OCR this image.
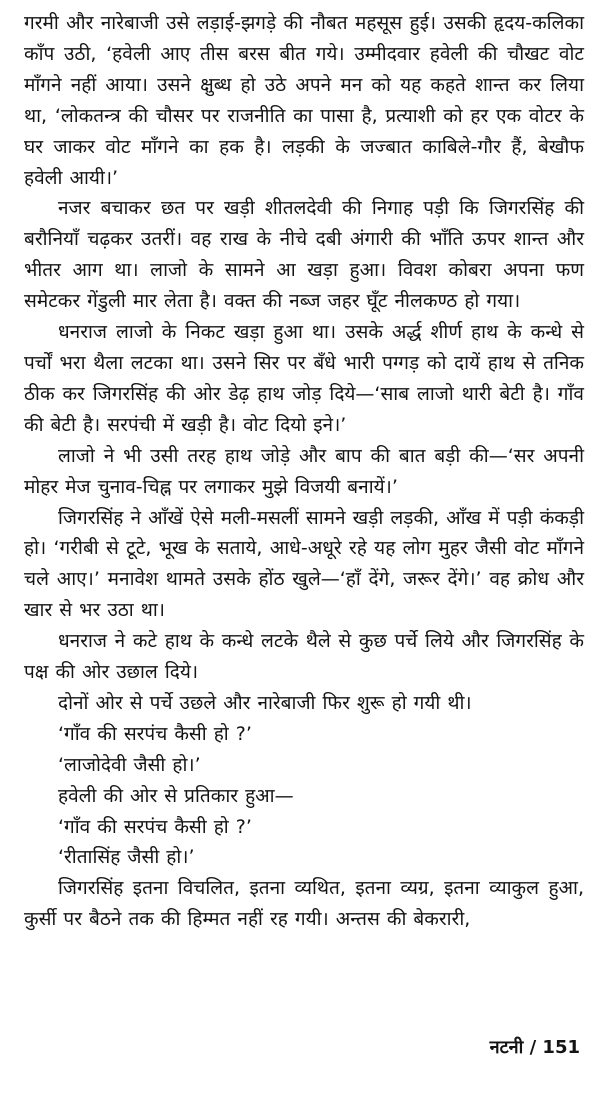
गरमी और नारेबाजी उसे लड़ाई-झगड़े की नौबत महसूस हुई। उसकी हृदय-कलिका काँप उठी, ‘हवेली आए तीस बरस बीत गये। उम्मीदवार हवेली की चौखट वोट माँगने नहीं आया। उसने क्षुब्ध हो उठे अपने मन को यह कहते शान्त कर लिया था, ‘लोकतन्त्र की चौसर पर राजनीति का पासा है, प्रत्याशी को हर एक वोटर के घर जाकर वोट माँगने का हक है। लड़की के जज्बात काबिले-गौर हैं, बेखौफ हवेली आयी।’

नजर बचाकर छत पर खड़ी शीतलदेवी की निगाह पड़ी कि जिगरसिंह की बरौनियाँ चढ़कर उतरीं। वह राख के नीचे दबी अंगारी की भाँति ऊपर शान्त और भीतर आग था। लाजो के सामने आ खड़ा हुआ। विवश कोबरा अपना फण समेटकर गेंडुली मार लेता है। वक्त की नब्ज जहर घूँट नीलकण्ठ हो गया।

धनराज लाजो के निकट खड़ा हुआ था। उसके अर्द्ध शीर्ण हाथ के कन्धे से पर्चों भरा थैला लटका था। उसने सिर पर बँधे भारी पग्गड़ को दायें हाथ से तनिक ठीक कर जिगरसिंह की ओर डेढ़ हाथ जोड़ दिये—‘साब लाजो थारी बेटी है। गाँव की बेटी है। सरपंची में खड़ी है। वोट दियो इने।’

लाजो ने भी उसी तरह हाथ जोड़े और बाप की बात बड़ी की—‘सर अपनी मोहर मेज चुनाव-चिह्न पर लगाकर मुझे विजयी बनायें।’

जिगरसिंह ने आँखें ऐसे मली-मसलीं सामने खड़ी लड़की, आँख में पड़ी कंकड़ी हो। ‘गरीबी से टूटे, भूख के सताये, आधे-अधूरे रहे यह लोग मुहर जैसी वोट माँगने चले आए।’ मनावेश थामते उसके होंठ खुले—‘हाँ देंगे, जरूर देंगे।’ वह क्रोध और खार से भर उठा था।

धनराज ने कटे हाथ के कन्धे लटके थैले से कुछ पर्चे लिये और जिगरसिंह के पक्ष की ओर उछाल दिये।

दोनों ओर से पर्चे उछले और नारेबाजी फिर शुरू हो गयी थी।

‘गाँव की सरपंच कैसी हो ?’

‘लाजोदेवी जैसी हो।’

हवेली की ओर से प्रतिकार हुआ—

‘गाँव की सरपंच कैसी हो ?’

‘रीतासिंह जैसी हो।’

जिगरसिंह इतना विचलित, इतना व्यथित, इतना व्यग्र, इतना व्याकुल हुआ, कुर्सी पर बैठने तक की हिम्मत नहीं रह गयी। अन्तस की बेकरारी,

नटनी / 151
